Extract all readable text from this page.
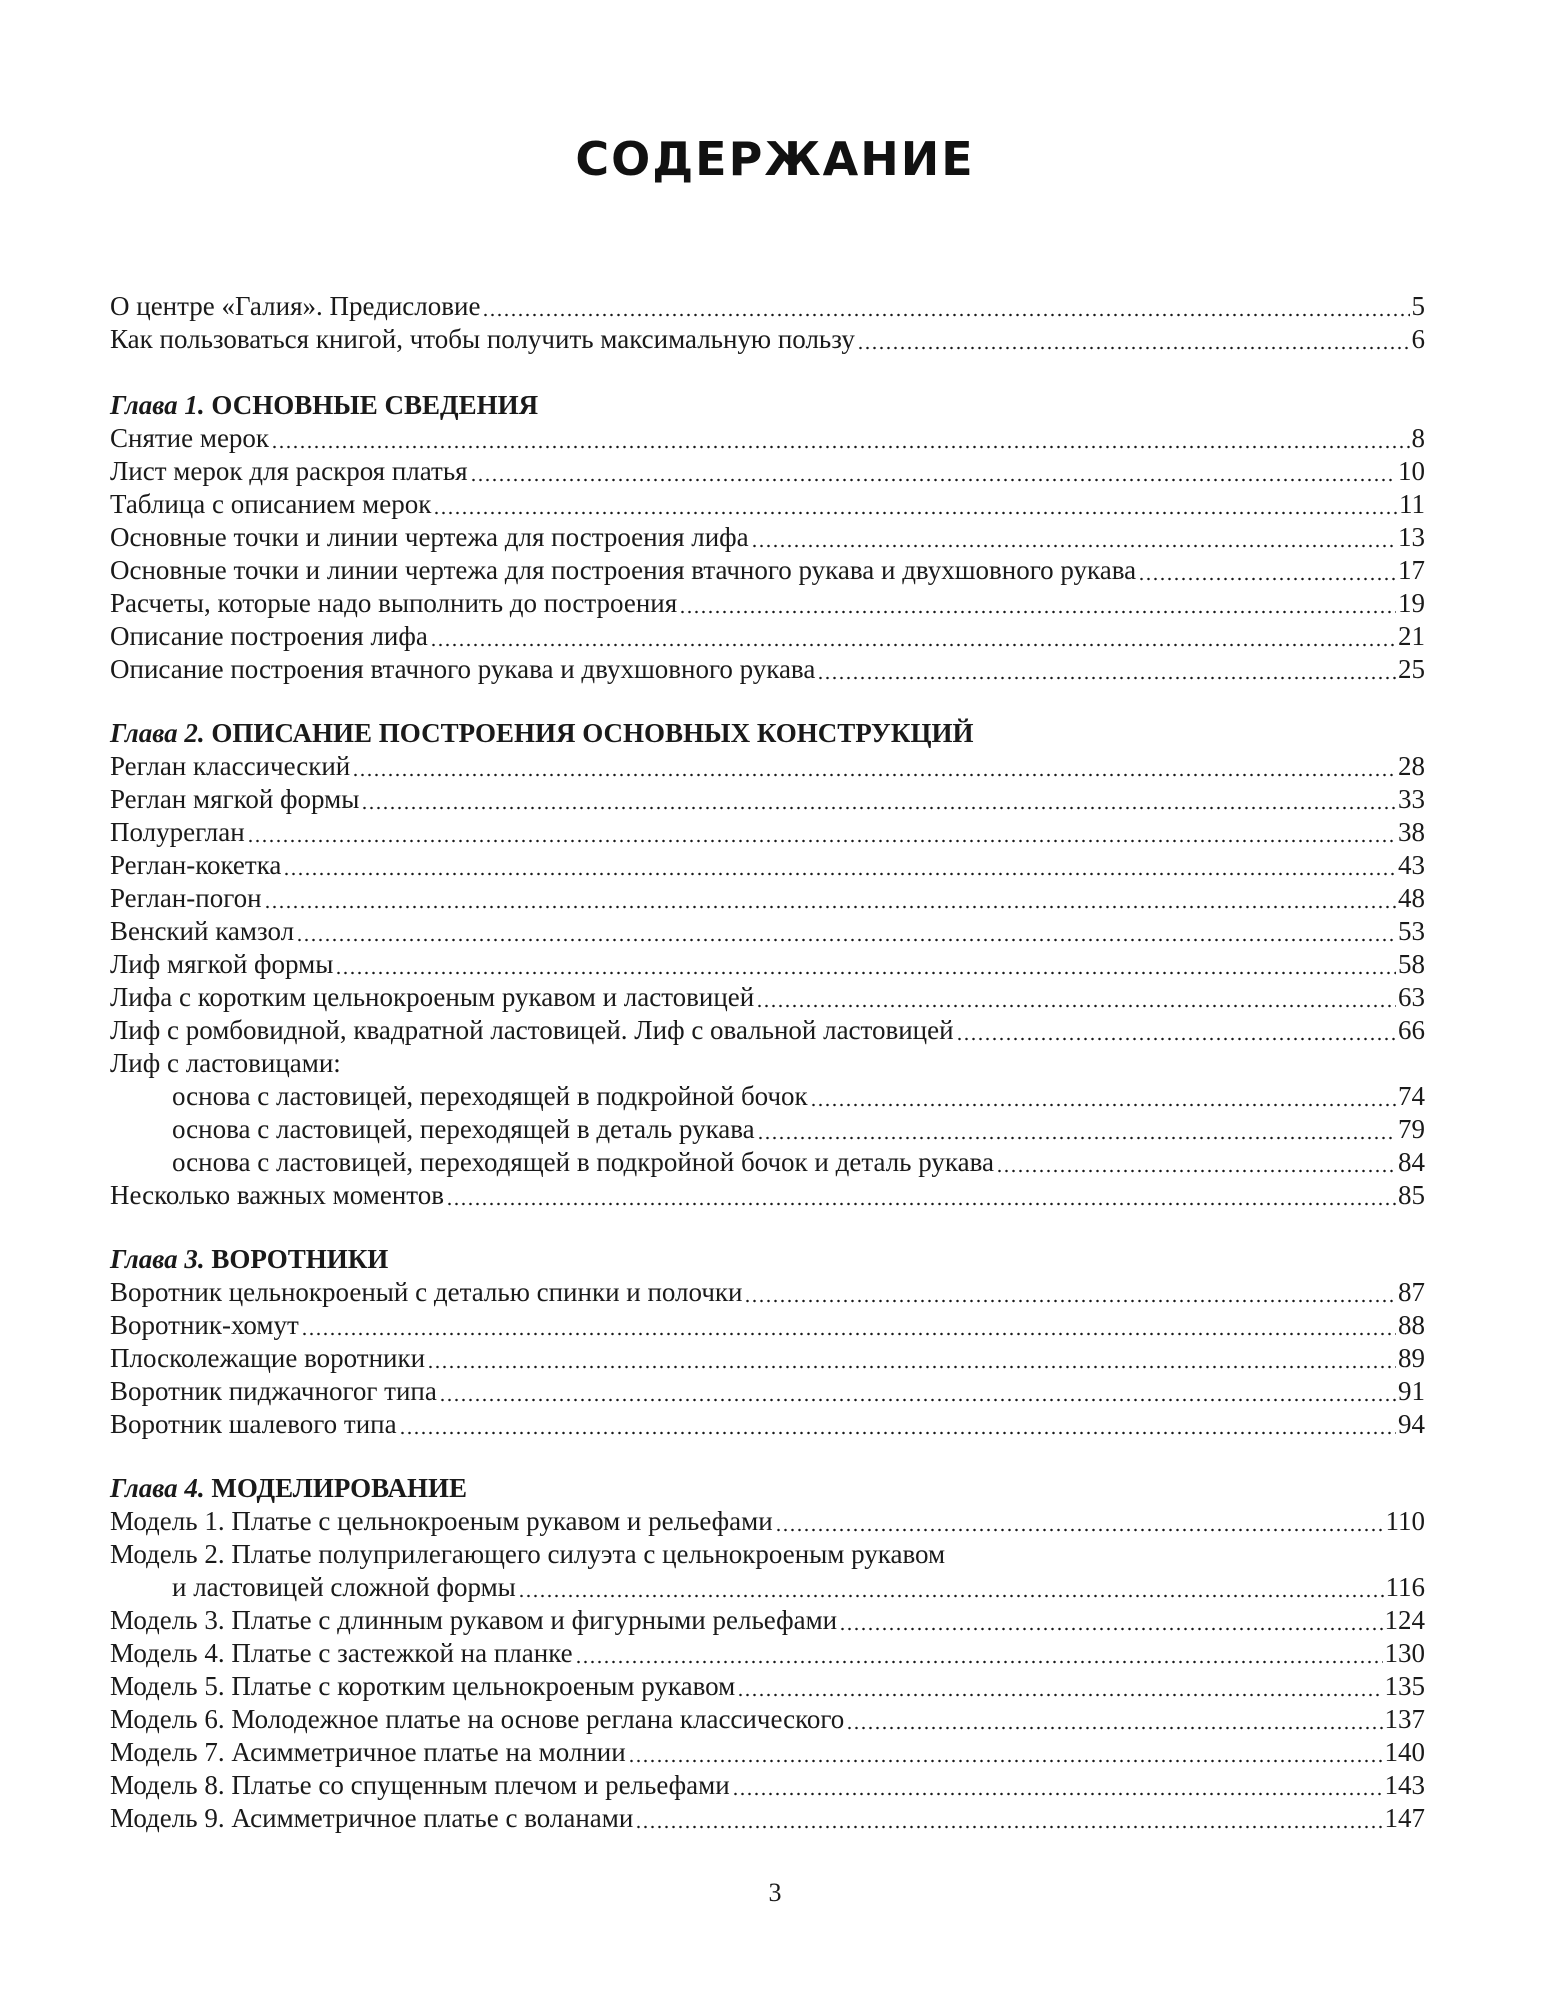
СОДЕРЖАНИЕ
О центре «Галия». Предисловие	5
Как пользоваться книгой, чтобы получить максимальную пользу	6
Глава 1. ОСНОВНЫЕ СВЕДЕНИЯ
Снятие мерок	8
Лист мерок для раскроя платья	10
Таблица с описанием мерок	11
Основные точки и линии чертежа для построения лифа	13
Основные точки и линии чертежа для построения втачного рукава и двухшовного рукава	17
Расчеты, которые надо выполнить до построения	19
Описание построения лифа	21
Описание построения втачного рукава и двухшовного рукава	25
Глава 2. ОПИСАНИЕ ПОСТРОЕНИЯ ОСНОВНЫХ КОНСТРУКЦИЙ
Реглан классический	28
Реглан мягкой формы	33
Полуреглан	38
Реглан-кокетка	43
Реглан-погон	48
Венский камзол	53
Лиф мягкой формы	58
Лифа с коротким цельнокроеным рукавом и ластовицей	63
Лиф с ромбовидной, квадратной ластовицей. Лиф с овальной ластовицей	66
Лиф с ластовицами:
основа с ластовицей, переходящей в подкройной бочок	74
основа с ластовицей, переходящей в деталь рукава	79
основа с ластовицей, переходящей в подкройной бочок и деталь рукава	84
Несколько важных моментов	85
Глава 3. ВОРОТНИКИ
Воротник цельнокроеный с деталью спинки и полочки	87
Воротник-хомут	88
Плосколежащие воротники	89
Воротник пиджачногог типа	91
Воротник шалевого типа	94
Глава 4. МОДЕЛИРОВАНИЕ
Модель 1. Платье с цельнокроеным рукавом и рельефами	110
Модель 2. Платье полуприлегающего силуэта с цельнокроеным рукавом
и ластовицей сложной формы	116
Модель 3. Платье с длинным рукавом и фигурными рельефами	124
Модель 4. Платье с застежкой на планке	130
Модель 5. Платье с коротким цельнокроеным рукавом	135
Модель 6. Молодежное платье на основе реглана классического	137
Модель 7. Асимметричное платье на молнии	140
Модель 8. Платье со спущенным плечом и рельефами	143
Модель 9. Асимметричное платье с воланами	147
3
